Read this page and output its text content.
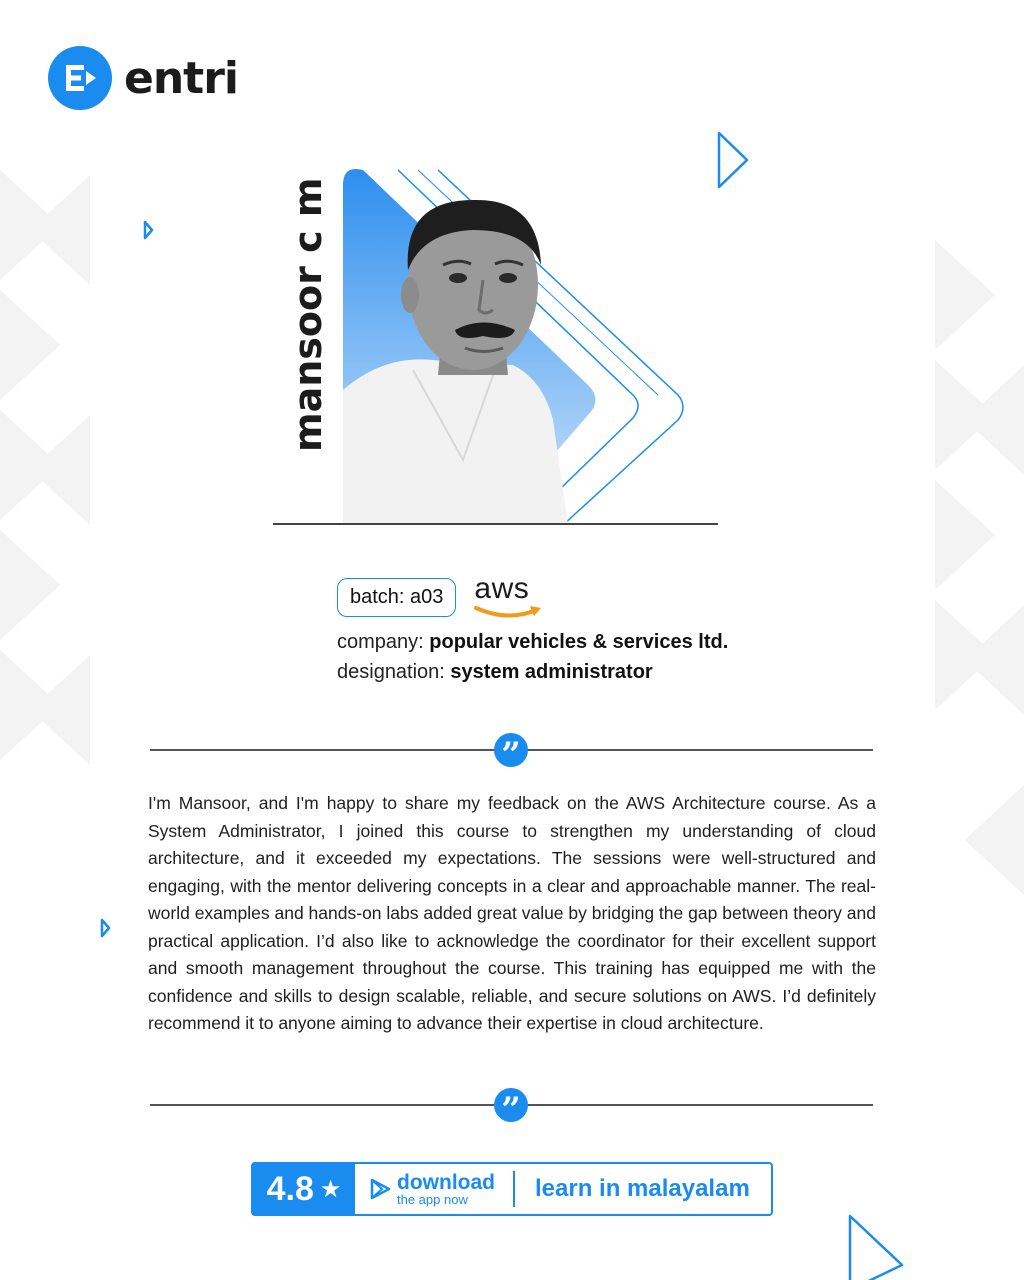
entri
mansoor c m
batch: a03	aws
company: popular vehicles & services ltd.
designation: system administrator
”

I'm Mansoor, and I'm happy to share my feedback on the AWS Architecture course. As a System Administrator, I joined this course to strengthen my understanding of cloud architecture, and it exceeded my expectations. The sessions were well-structured and engaging, with the mentor delivering concepts in a clear and approachable manner. The real-world examples and hands-on labs added great value by bridging the gap between theory and practical application. I’d also like to acknowledge the coordinator for their excellent support and smooth management throughout the course. This training has equipped me with the confidence and skills to design scalable, reliable, and secure solutions on AWS. I’d definitely recommend it to anyone aiming to advance their expertise in cloud architecture.

”
4.8 ★	download
the app now	learn in malayalam
